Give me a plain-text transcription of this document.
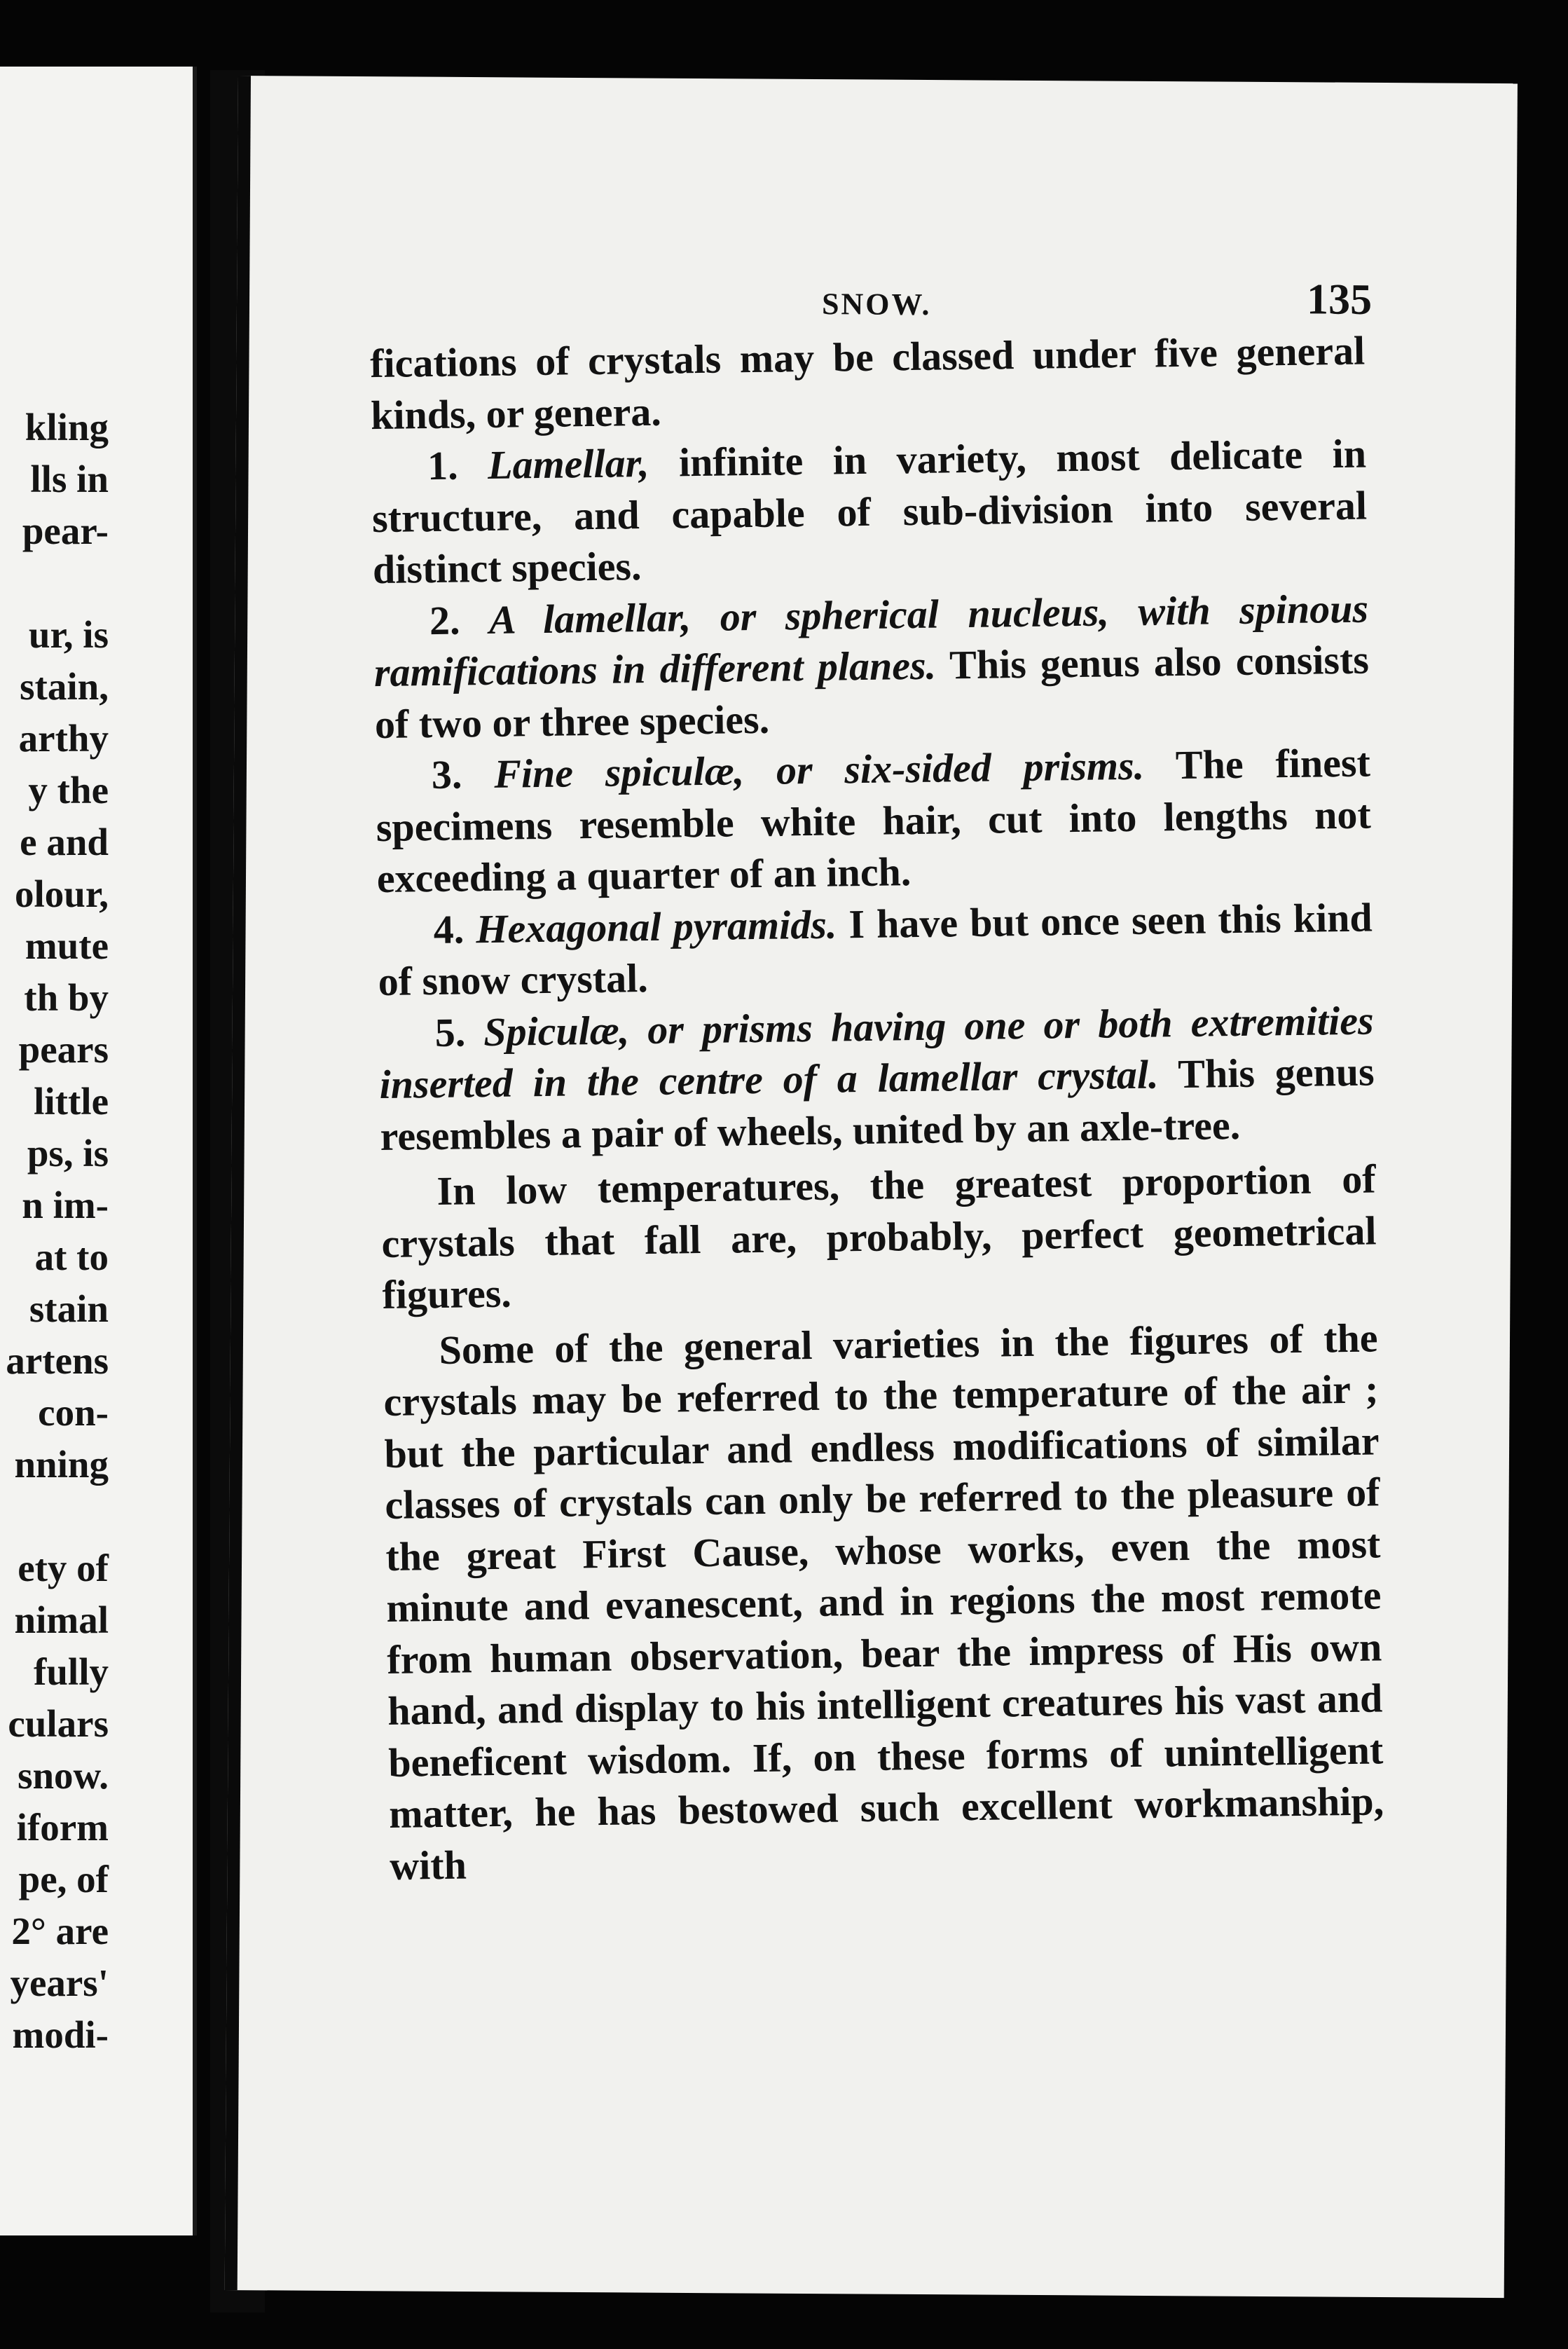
kling
lls in
pear-

ur, is
stain,
arthy
y the
e and
olour,
mute
th by
pears
little
ps, is
n im-
at to
stain
artens
con-
nning

ety of
nimal
fully
culars
snow.
iform
pe, of
2° are
years'
modi-
SNOW.	135

fications of crystals may be classed under five general kinds, or genera.

1. Lamellar, infinite in variety, most delicate in structure, and capable of sub-division into several distinct species.

2. A lamellar, or spherical nucleus, with spinous ramifications in different planes. This genus also consists of two or three species.

3. Fine spiculæ, or six-sided prisms. The finest specimens resemble white hair, cut into lengths not exceeding a quarter of an inch.

4. Hexagonal pyramids. I have but once seen this kind of snow crystal.

5. Spiculæ, or prisms having one or both extremities inserted in the centre of a lamellar crystal. This genus resembles a pair of wheels, united by an axle-tree.

In low temperatures, the greatest proportion of crystals that fall are, probably, perfect geometrical figures.

Some of the general varieties in the figures of the crystals may be referred to the temperature of the air ; but the particular and endless modifications of similar classes of crystals can only be referred to the pleasure of the great First Cause, whose works, even the most minute and evanescent, and in regions the most remote from human observation, bear the impress of His own hand, and display to his intelligent creatures his vast and beneficent wisdom. If, on these forms of unintelligent matter, he has bestowed such excellent workmanship, with
